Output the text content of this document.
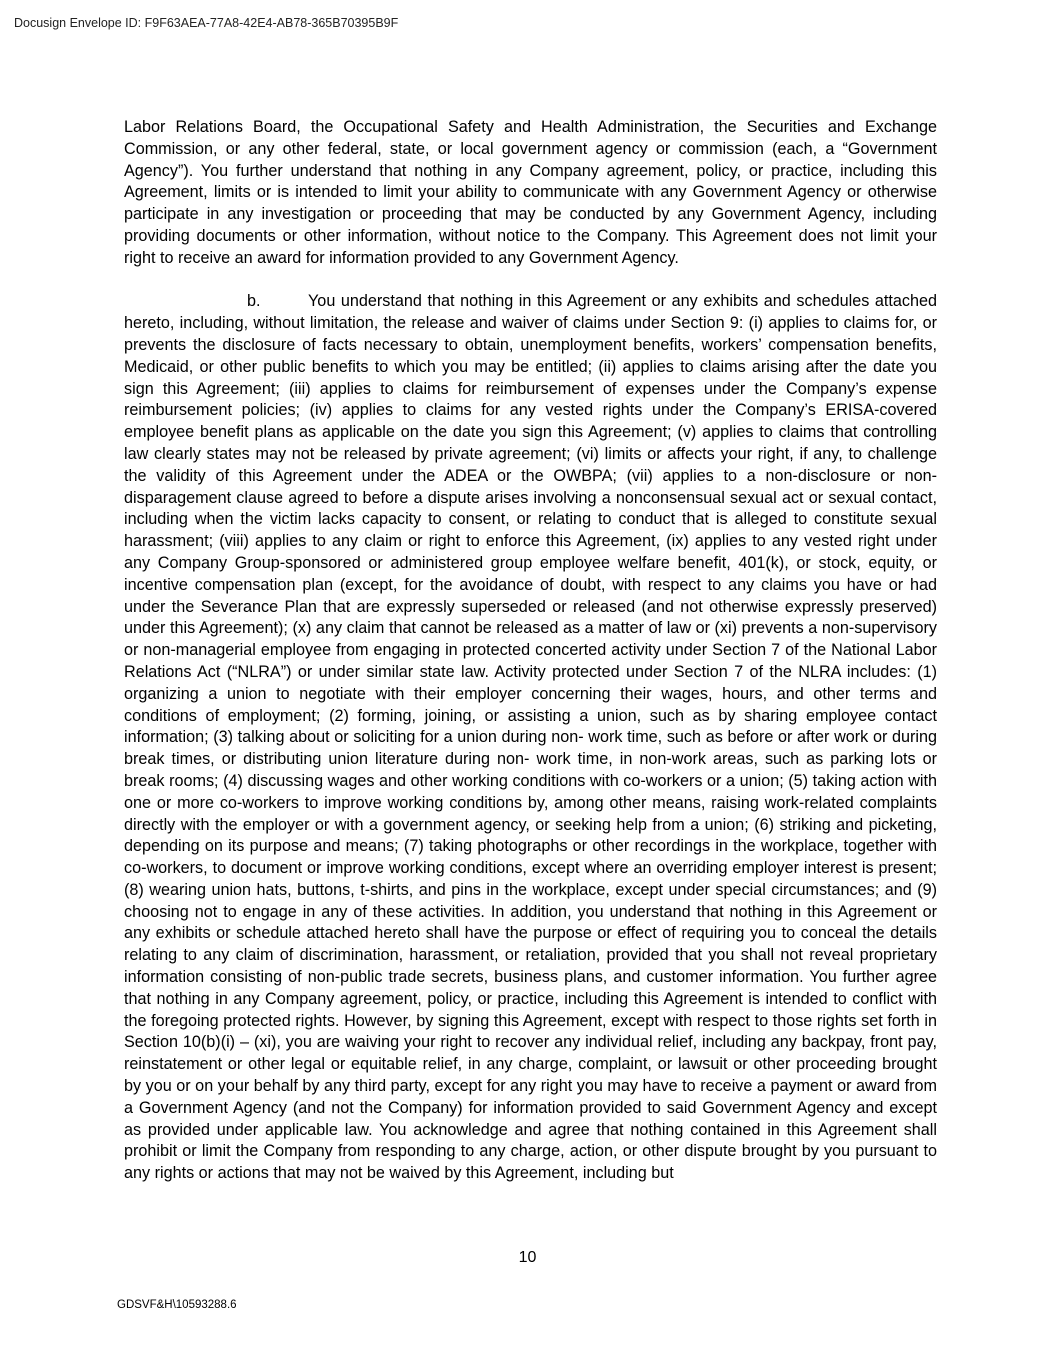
Docusign Envelope ID: F9F63AEA-77A8-42E4-AB78-365B70395B9F

Labor Relations Board, the Occupational Safety and Health Administration, the Securities and Exchange Commission, or any other federal, state, or local government agency or commission (each, a “Government Agency”). You further understand that nothing in any Company agreement, policy, or practice, including this Agreement, limits or is intended to limit your ability to communicate with any Government Agency or otherwise participate in any investigation or proceeding that may be conducted by any Government Agency, including providing documents or other information, without notice to the Company. This Agreement does not limit your right to receive an award for information provided to any Government Agency.

b.	You understand that nothing in this Agreement or any exhibits and schedules attached hereto, including, without limitation, the release and waiver of claims under Section 9: (i) applies to claims for, or prevents the disclosure of facts necessary to obtain, unemployment benefits, workers’ compensation benefits, Medicaid, or other public benefits to which you may be entitled; (ii) applies to claims arising after the date you sign this Agreement; (iii) applies to claims for reimbursement of expenses under the Company’s expense reimbursement policies; (iv) applies to claims for any vested rights under the Company’s ERISA-covered employee benefit plans as applicable on the date you sign this Agreement; (v) applies to claims that controlling law clearly states may not be released by private agreement; (vi) limits or affects your right, if any, to challenge the validity of this Agreement under the ADEA or the OWBPA; (vii) applies to a non-disclosure or non-disparagement clause agreed to before a dispute arises involving a nonconsensual sexual act or sexual contact, including when the victim lacks capacity to consent, or relating to conduct that is alleged to constitute sexual harassment; (viii) applies to any claim or right to enforce this Agreement, (ix) applies to any vested right under any Company Group-sponsored or administered group employee welfare benefit, 401(k), or stock, equity, or incentive compensation plan (except, for the avoidance of doubt, with respect to any claims you have or had under the Severance Plan that are expressly superseded or released (and not otherwise expressly preserved) under this Agreement); (x) any claim that cannot be released as a matter of law or (xi) prevents a non-supervisory or non-managerial employee from engaging in protected concerted activity under Section 7 of the National Labor Relations Act (“NLRA”) or under similar state law. Activity protected under Section 7 of the NLRA includes: (1) organizing a union to negotiate with their employer concerning their wages, hours, and other terms and conditions of employment; (2) forming, joining, or assisting a union, such as by sharing employee contact information; (3) talking about or soliciting for a union during non- work time, such as before or after work or during break times, or distributing union literature during non- work time, in non-work areas, such as parking lots or break rooms; (4) discussing wages and other working conditions with co-workers or a union; (5) taking action with one or more co-workers to improve working conditions by, among other means, raising work-related complaints directly with the employer or with a government agency, or seeking help from a union; (6) striking and picketing, depending on its purpose and means; (7) taking photographs or other recordings in the workplace, together with co-workers, to document or improve working conditions, except where an overriding employer interest is present; (8) wearing union hats, buttons, t-shirts, and pins in the workplace, except under special circumstances; and (9) choosing not to engage in any of these activities. In addition, you understand that nothing in this Agreement or any exhibits or schedule attached hereto shall have the purpose or effect of requiring you to conceal the details relating to any claim of discrimination, harassment, or retaliation, provided that you shall not reveal proprietary information consisting of non-public trade secrets, business plans, and customer information. You further agree that nothing in any Company agreement, policy, or practice, including this Agreement is intended to conflict with the foregoing protected rights. However, by signing this Agreement, except with respect to those rights set forth in Section 10(b)(i) – (xi), you are waiving your right to recover any individual relief, including any backpay, front pay, reinstatement or other legal or equitable relief, in any charge, complaint, or lawsuit or other proceeding brought by you or on your behalf by any third party, except for any right you may have to receive a payment or award from a Government Agency (and not the Company) for information provided to said Government Agency and except as provided under applicable law. You acknowledge and agree that nothing contained in this Agreement shall prohibit or limit the Company from responding to any charge, action, or other dispute brought by you pursuant to any rights or actions that may not be waived by this Agreement, including but

10
GDSVF&H\10593288.6
